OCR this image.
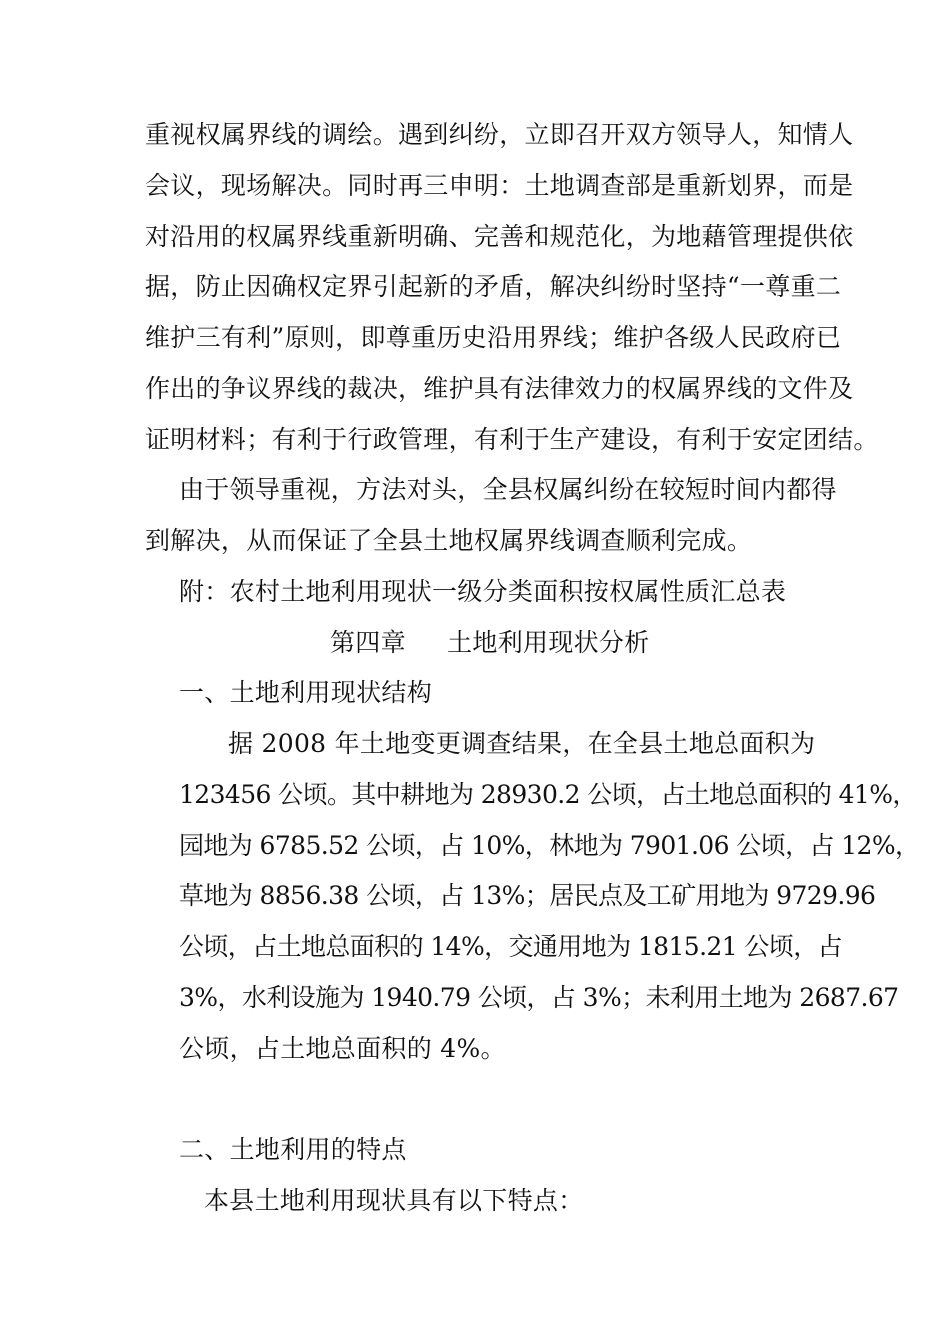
重视权属界线的调绘。遇到纠纷，立即召开双方领导人，知情人
会议，现场解决。同时再三申明：土地调查部是重新划界，而是
对沿用的权属界线重新明确、完善和规范化，为地藉管理提供依
据，防止因确权定界引起新的矛盾，解决纠纷时坚持“一尊重二
维护三有利”原则，即尊重历史沿用界线；维护各级人民政府已
作出的争议界线的裁决，维护具有法律效力的权属界线的文件及
证明材料；有利于行政管理，有利于生产建设，有利于安定团结。
由于领导重视，方法对头，全县权属纠纷在较短时间内都得
到解决，从而保证了全县土地权属界线调查顺利完成。
附：农村土地利用现状一级分类面积按权属性质汇总表
第四章     土地利用现状分析
一、土地利用现状结构
据 2008 年土地变更调查结果，在全县土地总面积为
123456 公顷。其中耕地为 28930.2 公顷，占土地总面积的 41%，
园地为 6785.52 公顷，占 10%，林地为 7901.06 公顷，占 12%，
草地为 8856.38 公顷，占 13%；居民点及工矿用地为 9729.96
公顷，占土地总面积的 14%，交通用地为 1815.21 公顷，占
3%，水利设施为 1940.79 公顷，占 3%；未利用土地为 2687.67
公顷，占土地总面积的 4%。
二、土地利用的特点
本县土地利用现状具有以下特点：
